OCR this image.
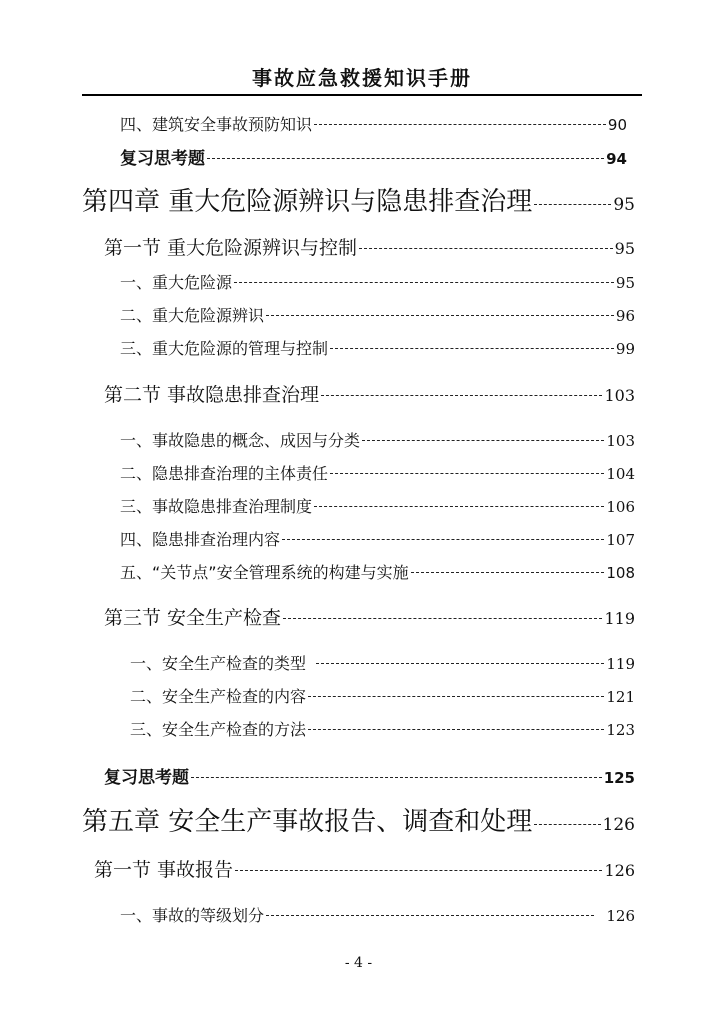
事故应急救援知识手册
四、建筑安全事故预防知识	90
复习思考题	94
第四章 重大危险源辨识与隐患排查治理	95
第一节 重大危险源辨识与控制	95
一、重大危险源	95
二、重大危险源辨识	96
三、重大危险源的管理与控制	99
第二节 事故隐患排查治理	103
一、事故隐患的概念、成因与分类	103
二、隐患排查治理的主体责任	104
三、事故隐患排查治理制度	106
四、隐患排查治理内容	107
五、“关节点”安全管理系统的构建与实施	108
第三节 安全生产检查	119
一、安全生产检查的类型	119
二、安全生产检查的内容	121
三、安全生产检查的方法	123
复习思考题	125
第五章 安全生产事故报告、调查和处理	126
第一节 事故报告	126
一、事故的等级划分	126
- 4 -
